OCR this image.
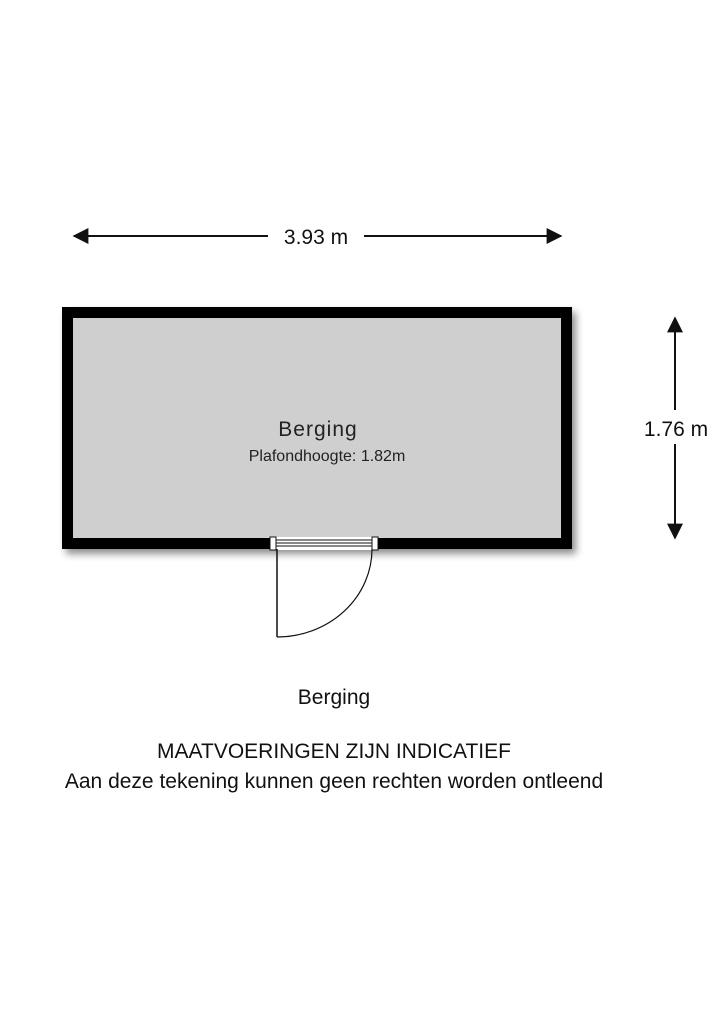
3.93 m
1.76 m
Berging
Plafondhoogte: 1.82m
Berging
MAATVOERINGEN ZIJN INDICATIEF
Aan deze tekening kunnen geen rechten worden ontleend
